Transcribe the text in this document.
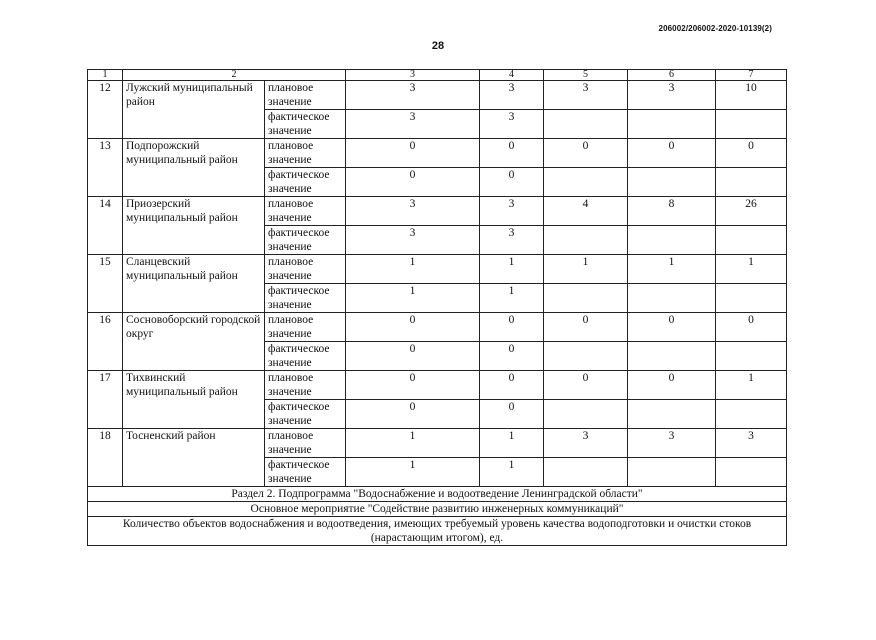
206002/206002-2020-10139(2)
28
1	2		3	4	5	6	7
12	Лужский муниципальный район	плановое значение	3	3	3	3	10
		фактическое значение	3	3			
13	Подпорожский муниципальный район	плановое значение	0	0	0	0	0
		фактическое значение	0	0			
14	Приозерский муниципальный район	плановое значение	3	3	4	8	26
		фактическое значение	3	3			
15	Сланцевский муниципальный район	плановое значение	1	1	1	1	1
		фактическое значение	1	1			
16	Сосновоборский городской округ	плановое значение	0	0	0	0	0
		фактическое значение	0	0			
17	Тихвинский муниципальный район	плановое значение	0	0	0	0	1
		фактическое значение	0	0			
18	Тосненский район	плановое значение	1	1	3	3	3
		фактическое значение	1	1			
Раздел 2. Подпрограмма "Водоснабжение и водоотведение Ленинградской области"							
Основное мероприятие "Содействие развитию инженерных коммуникаций"							
Количество объектов водоснабжения и водоотведения, имеющих требуемый уровень качества водоподготовки и очистки стоков (нарастающим итогом), ед.							
